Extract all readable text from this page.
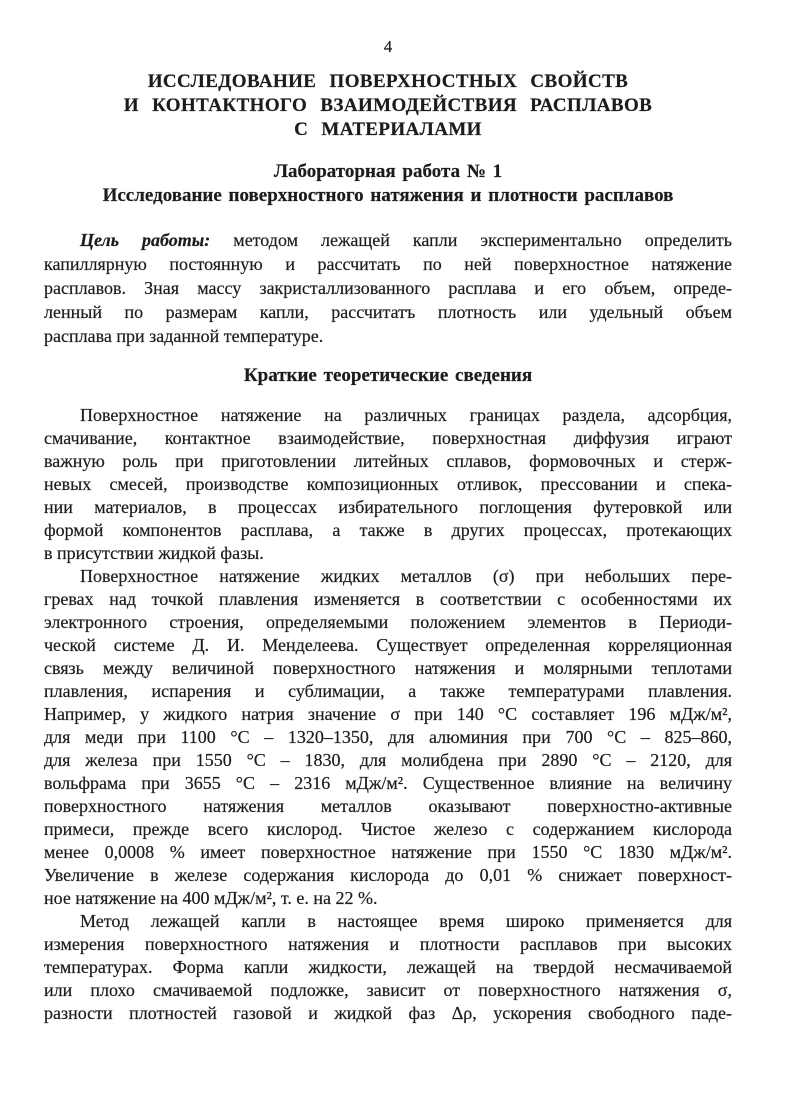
4
ИССЛЕДОВАНИЕ ПОВЕРХНОСТНЫХ СВОЙСТВ
И КОНТАКТНОГО ВЗАИМОДЕЙСТВИЯ РАСПЛАВОВ
С МАТЕРИАЛАМИ
Лабораторная работа № 1
Исследование поверхностного натяжения и плотности расплавов
Цель работы: методом лежащей капли экспериментально определить
капиллярную постоянную и рассчитать по ней поверхностное натяжение
расплавов. Зная массу закристаллизованного расплава и его объем, опреде-
ленный по размерам капли, рассчитатъ плотность или удельный объем
расплава при заданной температуре.
Краткие теоретические сведения
Поверхностное натяжение на различных границах раздела, адсорбция,
смачивание, контактное взаимодействие, поверхностная диффузия играют
важную роль при приготовлении литейных сплавов, формовочных и стерж-
невых смесей, производстве композиционных отливок, прессовании и спека-
нии материалов, в процессах избирательного поглощения футеровкой или
формой компонентов расплава, а также в других процессах, протекающих
в присутствии жидкой фазы.
Поверхностное натяжение жидких металлов (σ) при небольших пере-
гревах над точкой плавления изменяется в соответствии с особенностями их
электронного строения, определяемыми положением элементов в Периоди-
ческой системе Д. И. Менделеева. Существует определенная корреляционная
связь между величиной поверхностного натяжения и молярными теплотами
плавления, испарения и сублимации, а также температурами плавления.
Например, у жидкого натрия значение σ при 140 °С составляет 196 мДж/м²,
для меди при 1100 °С – 1320–1350, для алюминия при 700 °С – 825–860,
для железа при 1550 °С – 1830, для молибдена при 2890 °С – 2120, для
вольфрама при 3655 °С – 2316 мДж/м². Существенное влияние на величину
поверхностного натяжения металлов оказывают поверхностно-активные
примеси, прежде всего кислород. Чистое железо с содержанием кислорода
менее 0,0008 % имеет поверхностное натяжение при 1550 °С 1830 мДж/м².
Увеличение в железе содержания кислорода до 0,01 % снижает поверхност-
ное натяжение на 400 мДж/м², т. е. на 22 %.
Метод лежащей капли в настоящее время широко применяется для
измерения поверхностного натяжения и плотности расплавов при высоких
температурах. Форма капли жидкости, лежащей на твердой несмачиваемой
или плохо смачиваемой подложке, зависит от поверхностного натяжения σ,
разности плотностей газовой и жидкой фаз Δρ, ускорения свободного паде-
